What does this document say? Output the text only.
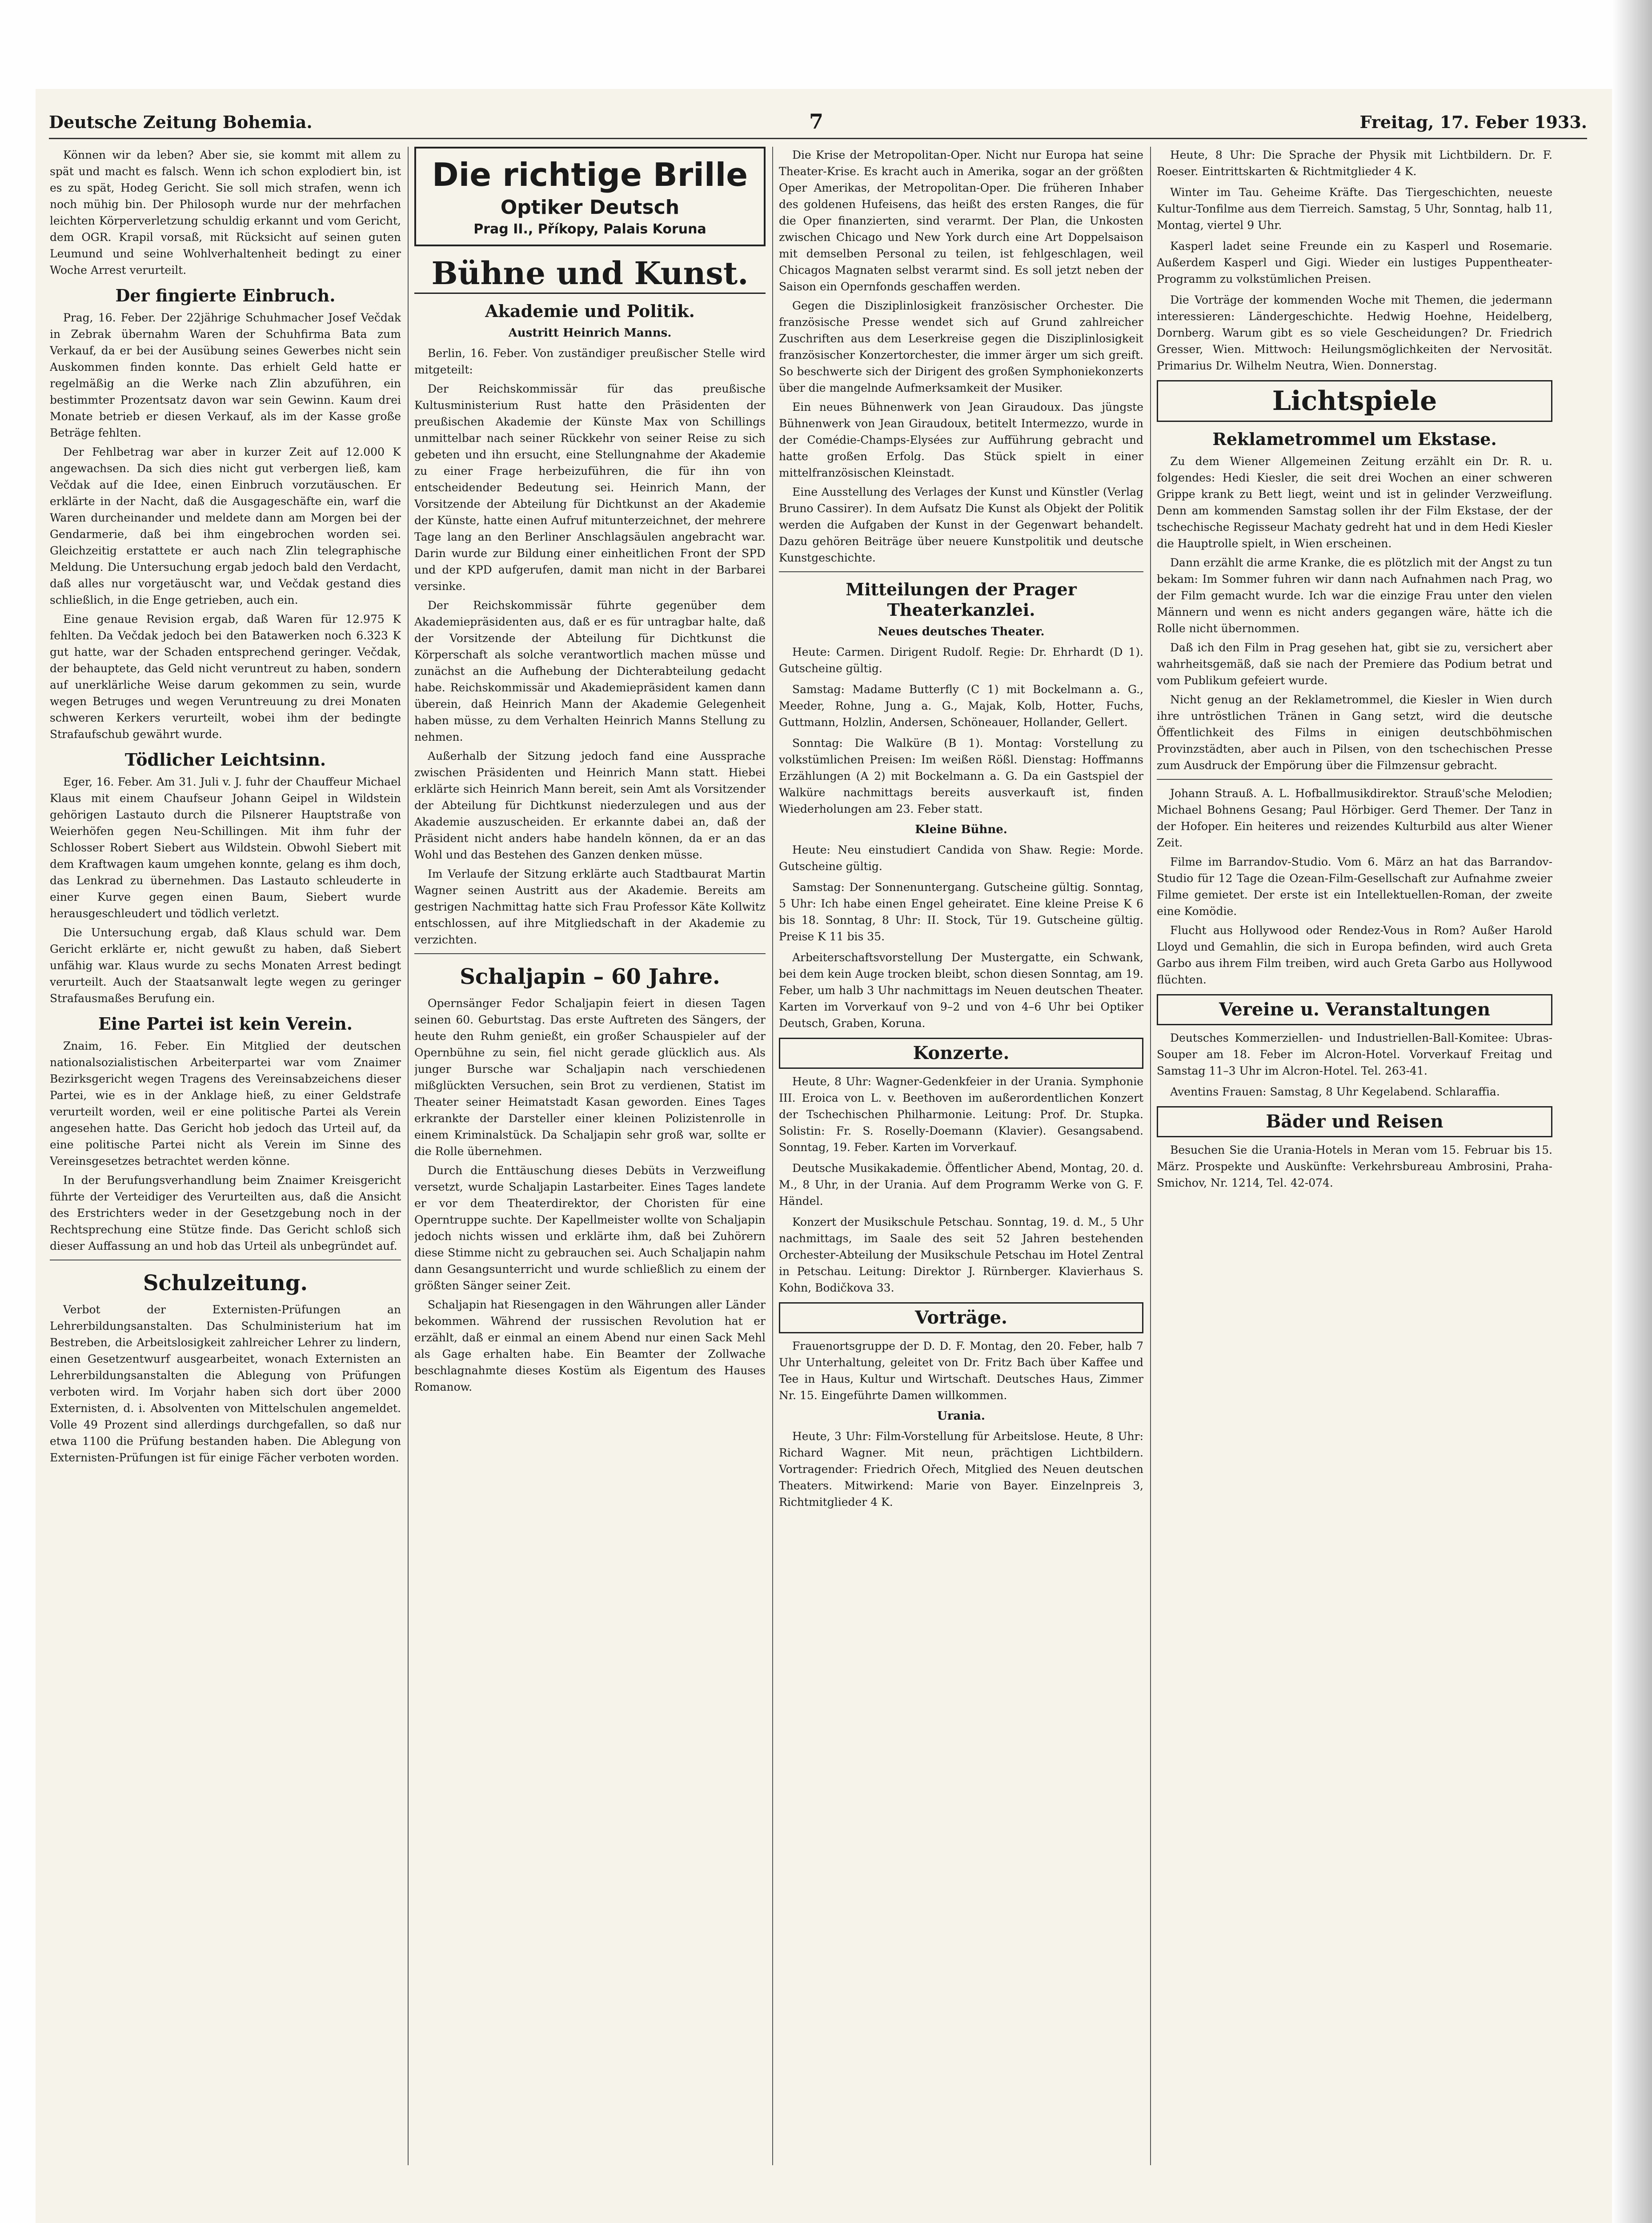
Deutsche Zeitung Bohemia.	7	Freitag, 17. Feber 1933.

Können wir da leben? Aber sie, sie kommt mit allem zu spät und macht es falsch. Wenn ich schon explodiert bin, ist es zu spät, Hodeg Gericht. Sie soll mich strafen, wenn ich noch mühig bin. Der Philosoph wurde nur der mehrfachen leichten Körperverletzung schuldig erkannt und vom Gericht, dem OGR. Krapil vorsaß, mit Rücksicht auf seinen guten Leumund und seine Wohlverhaltenheit bedingt zu einer Woche Arrest verurteilt.

Der fingierte Einbruch.

Prag, 16. Feber. Der 22jährige Schuhmacher Josef Večdak in Zebrak übernahm Waren der Schuhfirma Bata zum Verkauf, da er bei der Ausübung seines Gewerbes nicht sein Auskommen finden konnte. Das erhielt Geld hatte er regelmäßig an die Werke nach Zlin abzuführen, ein bestimmter Prozentsatz davon war sein Gewinn. Kaum drei Monate betrieb er diesen Verkauf, als im der Kasse große Beträge fehlten.

Der Fehlbetrag war aber in kurzer Zeit auf 12.000 K angewachsen. Da sich dies nicht gut verbergen ließ, kam Večdak auf die Idee, einen Einbruch vorzutäuschen. Er erklärte in der Nacht, daß die Ausgageschäfte ein, warf die Waren durcheinander und meldete dann am Morgen bei der Gendarmerie, daß bei ihm eingebrochen worden sei. Gleichzeitig erstattete er auch nach Zlin telegraphische Meldung. Die Untersuchung ergab jedoch bald den Verdacht, daß alles nur vorgetäuscht war, und Večdak gestand dies schließlich, in die Enge getrieben, auch ein.

Eine genaue Revision ergab, daß Waren für 12.975 K fehlten. Da Večdak jedoch bei den Batawerken noch 6.323 K gut hatte, war der Schaden entsprechend geringer. Večdak, der behauptete, das Geld nicht veruntreut zu haben, sondern auf unerklärliche Weise darum gekommen zu sein, wurde wegen Betruges und wegen Veruntreuung zu drei Monaten schweren Kerkers verurteilt, wobei ihm der bedingte Strafaufschub gewährt wurde.

Tödlicher Leichtsinn.

Eger, 16. Feber. Am 31. Juli v. J. fuhr der Chauffeur Michael Klaus mit einem Chaufseur Johann Geipel in Wildstein gehörigen Lastauto durch die Pilsnerer Hauptstraße von Weierhöfen gegen Neu-Schillingen. Mit ihm fuhr der Schlosser Robert Siebert aus Wildstein. Obwohl Siebert mit dem Kraftwagen kaum umgehen konnte, gelang es ihm doch, das Lenkrad zu übernehmen. Das Lastauto schleuderte in einer Kurve gegen einen Baum, Siebert wurde herausgeschleudert und tödlich verletzt.

Die Untersuchung ergab, daß Klaus schuld war. Dem Gericht erklärte er, nicht gewußt zu haben, daß Siebert unfähig war. Klaus wurde zu sechs Monaten Arrest bedingt verurteilt. Auch der Staatsanwalt legte wegen zu geringer Strafausmaßes Berufung ein.

Eine Partei ist kein Verein.

Znaim, 16. Feber. Ein Mitglied der deutschen nationalsozialistischen Arbeiterpartei war vom Znaimer Bezirksgericht wegen Tragens des Vereinsabzeichens dieser Partei, wie es in der Anklage hieß, zu einer Geldstrafe verurteilt worden, weil er eine politische Partei als Verein angesehen hatte. Das Gericht hob jedoch das Urteil auf, da eine politische Partei nicht als Verein im Sinne des Vereinsgesetzes betrachtet werden könne.

In der Berufungsverhandlung beim Znaimer Kreisgericht führte der Verteidiger des Verurteilten aus, daß die Ansicht des Erstrichters weder in der Gesetzgebung noch in der Rechtsprechung eine Stütze finde. Das Gericht schloß sich dieser Auffassung an und hob das Urteil als unbegründet auf.

Schulzeitung.

Verbot der Externisten-Prüfungen an Lehrerbildungsanstalten. Das Schulministerium hat im Bestreben, die Arbeitslosigkeit zahlreicher Lehrer zu lindern, einen Gesetzentwurf ausgearbeitet, wonach Externisten an Lehrerbildungsanstalten die Ablegung von Prüfungen verboten wird. Im Vorjahr haben sich dort über 2000 Externisten, d. i. Absolventen von Mittelschulen angemeldet. Volle 49 Prozent sind allerdings durchgefallen, so daß nur etwa 1100 die Prüfung bestanden haben. Die Ablegung von Externisten-Prüfungen ist für einige Fächer verboten worden.

Die richtige Brille
Optiker Deutsch
Prag II., Příkopy, Palais Koruna
Bühne und Kunst.
Akademie und Politik.
Austritt Heinrich Manns.

Berlin, 16. Feber. Von zuständiger preußischer Stelle wird mitgeteilt:

Der Reichskommissär für das preußische Kultusministerium Rust hatte den Präsidenten der preußischen Akademie der Künste Max von Schillings unmittelbar nach seiner Rückkehr von seiner Reise zu sich gebeten und ihn ersucht, eine Stellungnahme der Akademie zu einer Frage herbeizuführen, die für ihn von entscheidender Bedeutung sei. Heinrich Mann, der Vorsitzende der Abteilung für Dichtkunst an der Akademie der Künste, hatte einen Aufruf mitunterzeichnet, der mehrere Tage lang an den Berliner Anschlagsäulen angebracht war. Darin wurde zur Bildung einer einheitlichen Front der SPD und der KPD aufgerufen, damit man nicht in der Barbarei versinke.

Der Reichskommissär führte gegenüber dem Akademiepräsidenten aus, daß er es für untragbar halte, daß der Vorsitzende der Abteilung für Dichtkunst die Körperschaft als solche verantwortlich machen müsse und zunächst an die Aufhebung der Dichterabteilung gedacht habe. Reichskommissär und Akademiepräsident kamen dann überein, daß Heinrich Mann der Akademie Gelegenheit haben müsse, zu dem Verhalten Heinrich Manns Stellung zu nehmen.

Außerhalb der Sitzung jedoch fand eine Aussprache zwischen Präsidenten und Heinrich Mann statt. Hiebei erklärte sich Heinrich Mann bereit, sein Amt als Vorsitzender der Abteilung für Dichtkunst niederzulegen und aus der Akademie auszuscheiden. Er erkannte dabei an, daß der Präsident nicht anders habe handeln können, da er an das Wohl und das Bestehen des Ganzen denken müsse.

Im Verlaufe der Sitzung erklärte auch Stadtbaurat Martin Wagner seinen Austritt aus der Akademie. Bereits am gestrigen Nachmittag hatte sich Frau Professor Käte Kollwitz entschlossen, auf ihre Mitgliedschaft in der Akademie zu verzichten.

Schaljapin – 60 Jahre.

Opernsänger Fedor Schaljapin feiert in diesen Tagen seinen 60. Geburtstag. Das erste Auftreten des Sängers, der heute den Ruhm genießt, ein großer Schauspieler auf der Opernbühne zu sein, fiel nicht gerade glücklich aus. Als junger Bursche war Schaljapin nach verschiedenen mißglückten Versuchen, sein Brot zu verdienen, Statist im Theater seiner Heimatstadt Kasan geworden. Eines Tages erkrankte der Darsteller einer kleinen Polizistenrolle in einem Kriminalstück. Da Schaljapin sehr groß war, sollte er die Rolle übernehmen.

Durch die Enttäuschung dieses Debüts in Verzweiflung versetzt, wurde Schaljapin Lastarbeiter. Eines Tages landete er vor dem Theaterdirektor, der Choristen für eine Operntruppe suchte. Der Kapellmeister wollte von Schaljapin jedoch nichts wissen und erklärte ihm, daß bei Zuhörern diese Stimme nicht zu gebrauchen sei. Auch Schaljapin nahm dann Gesangsunterricht und wurde schließlich zu einem der größten Sänger seiner Zeit.

Schaljapin hat Riesengagen in den Währungen aller Länder bekommen. Während der russischen Revolution hat er erzählt, daß er einmal an einem Abend nur einen Sack Mehl als Gage erhalten habe. Ein Beamter der Zollwache beschlagnahmte dieses Kostüm als Eigentum des Hauses Romanow.

Die Krise der Metropolitan-Oper. Nicht nur Europa hat seine Theater-Krise. Es kracht auch in Amerika, sogar an der größten Oper Amerikas, der Metropolitan-Oper. Die früheren Inhaber des goldenen Hufeisens, das heißt des ersten Ranges, die für die Oper finanzierten, sind verarmt. Der Plan, die Unkosten zwischen Chicago und New York durch eine Art Doppelsaison mit demselben Personal zu teilen, ist fehlgeschlagen, weil Chicagos Magnaten selbst verarmt sind. Es soll jetzt neben der Saison ein Opernfonds geschaffen werden.

Gegen die Disziplinlosigkeit französischer Orchester. Die französische Presse wendet sich auf Grund zahlreicher Zuschriften aus dem Leserkreise gegen die Disziplinlosigkeit französischer Konzertorchester, die immer ärger um sich greift. So beschwerte sich der Dirigent des großen Symphoniekonzerts über die mangelnde Aufmerksamkeit der Musiker.

Ein neues Bühnenwerk von Jean Giraudoux. Das jüngste Bühnenwerk von Jean Giraudoux, betitelt Intermezzo, wurde in der Comédie-Champs-Elysées zur Aufführung gebracht und hatte großen Erfolg. Das Stück spielt in einer mittelfranzösischen Kleinstadt.

Eine Ausstellung des Verlages der Kunst und Künstler (Verlag Bruno Cassirer). In dem Aufsatz Die Kunst als Objekt der Politik werden die Aufgaben der Kunst in der Gegenwart behandelt. Dazu gehören Beiträge über neuere Kunstpolitik und deutsche Kunstgeschichte.

Mitteilungen der Prager Theaterkanzlei.
Neues deutsches Theater.

Heute: Carmen. Dirigent Rudolf. Regie: Dr. Ehrhardt (D 1). Gutscheine gültig.

Samstag: Madame Butterfly (C 1) mit Bockelmann a. G., Meeder, Rohne, Jung a. G., Majak, Kolb, Hotter, Fuchs, Guttmann, Holzlin, Andersen, Schöneauer, Hollander, Gellert.

Sonntag: Die Walküre (B 1). Montag: Vorstellung zu volkstümlichen Preisen: Im weißen Rößl. Dienstag: Hoffmanns Erzählungen (A 2) mit Bockelmann a. G. Da ein Gastspiel der Walküre nachmittags bereits ausverkauft ist, finden Wiederholungen am 23. Feber statt.

Kleine Bühne.

Heute: Neu einstudiert Candida von Shaw. Regie: Morde. Gutscheine gültig.

Samstag: Der Sonnenuntergang. Gutscheine gültig. Sonntag, 5 Uhr: Ich habe einen Engel geheiratet. Eine kleine Preise K 6 bis 18. Sonntag, 8 Uhr: II. Stock, Tür 19. Gutscheine gültig. Preise K 11 bis 35.

Arbeiterschaftsvorstellung Der Mustergatte, ein Schwank, bei dem kein Auge trocken bleibt, schon diesen Sonntag, am 19. Feber, um halb 3 Uhr nachmittags im Neuen deutschen Theater. Karten im Vorverkauf von 9–2 und von 4–6 Uhr bei Optiker Deutsch, Graben, Koruna.

Konzerte.

Heute, 8 Uhr: Wagner-Gedenkfeier in der Urania. Symphonie III. Eroica von L. v. Beethoven im außerordentlichen Konzert der Tschechischen Philharmonie. Leitung: Prof. Dr. Stupka. Solistin: Fr. S. Roselly-Doemann (Klavier). Gesangsabend. Sonntag, 19. Feber. Karten im Vorverkauf.

Deutsche Musikakademie. Öffentlicher Abend, Montag, 20. d. M., 8 Uhr, in der Urania. Auf dem Programm Werke von G. F. Händel.

Konzert der Musikschule Petschau. Sonntag, 19. d. M., 5 Uhr nachmittags, im Saale des seit 52 Jahren bestehenden Orchester-Abteilung der Musikschule Petschau im Hotel Zentral in Petschau. Leitung: Direktor J. Rürnberger. Klavierhaus S. Kohn, Bodičkova 33.

Vorträge.

Frauenortsgruppe der D. D. F. Montag, den 20. Feber, halb 7 Uhr Unterhaltung, geleitet von Dr. Fritz Bach über Kaffee und Tee in Haus, Kultur und Wirtschaft. Deutsches Haus, Zimmer Nr. 15. Eingeführte Damen willkommen.

Urania.

Heute, 3 Uhr: Film-Vorstellung für Arbeitslose. Heute, 8 Uhr: Richard Wagner. Mit neun, prächtigen Lichtbildern. Vortragender: Friedrich Ořech, Mitglied des Neuen deutschen Theaters. Mitwirkend: Marie von Bayer. Einzelnpreis 3, Richtmitglieder 4 K.

Heute, 8 Uhr: Die Sprache der Physik mit Lichtbildern. Dr. F. Roeser. Eintrittskarten & Richtmitglieder 4 K.

Winter im Tau. Geheime Kräfte. Das Tiergeschichten, neueste Kultur-Tonfilme aus dem Tierreich. Samstag, 5 Uhr, Sonntag, halb 11, Montag, viertel 9 Uhr.

Kasperl ladet seine Freunde ein zu Kasperl und Rosemarie. Außerdem Kasperl und Gigi. Wieder ein lustiges Puppentheater-Programm zu volkstümlichen Preisen.

Die Vorträge der kommenden Woche mit Themen, die jedermann interessieren: Ländergeschichte. Hedwig Hoehne, Heidelberg, Dornberg. Warum gibt es so viele Gescheidungen? Dr. Friedrich Gresser, Wien. Mittwoch: Heilungsmöglichkeiten der Nervosität. Primarius Dr. Wilhelm Neutra, Wien. Donnerstag.

Lichtspiele
Reklametrommel um Ekstase.

Zu dem Wiener Allgemeinen Zeitung erzählt ein Dr. R. u. folgendes: Hedi Kiesler, die seit drei Wochen an einer schweren Grippe krank zu Bett liegt, weint und ist in gelinder Verzweiflung. Denn am kommenden Samstag sollen ihr der Film Ekstase, der der tschechische Regisseur Machaty gedreht hat und in dem Hedi Kiesler die Hauptrolle spielt, in Wien erscheinen.

Dann erzählt die arme Kranke, die es plötzlich mit der Angst zu tun bekam: Im Sommer fuhren wir dann nach Aufnahmen nach Prag, wo der Film gemacht wurde. Ich war die einzige Frau unter den vielen Männern und wenn es nicht anders gegangen wäre, hätte ich die Rolle nicht übernommen.

Daß ich den Film in Prag gesehen hat, gibt sie zu, versichert aber wahrheitsgemäß, daß sie nach der Premiere das Podium betrat und vom Publikum gefeiert wurde.

Nicht genug an der Reklametrommel, die Kiesler in Wien durch ihre untröstlichen Tränen in Gang setzt, wird die deutsche Öffentlichkeit des Films in einigen deutschböhmischen Provinzstädten, aber auch in Pilsen, von den tschechischen Presse zum Ausdruck der Empörung über die Filmzensur gebracht.

Johann Strauß. A. L. Hofballmusikdirektor. Strauß'sche Melodien; Michael Bohnens Gesang; Paul Hörbiger. Gerd Themer. Der Tanz in der Hofoper. Ein heiteres und reizendes Kulturbild aus alter Wiener Zeit.

Filme im Barrandov-Studio. Vom 6. März an hat das Barrandov-Studio für 12 Tage die Ozean-Film-Gesellschaft zur Aufnahme zweier Filme gemietet. Der erste ist ein Intellektuellen-Roman, der zweite eine Komödie.

Flucht aus Hollywood oder Rendez-Vous in Rom? Außer Harold Lloyd und Gemahlin, die sich in Europa befinden, wird auch Greta Garbo aus ihrem Film treiben, wird auch Greta Garbo aus Hollywood flüchten.

Vereine u. Veranstaltungen

Deutsches Kommerziellen- und Industriellen-Ball-Komitee: Ubras-Souper am 18. Feber im Alcron-Hotel. Vorverkauf Freitag und Samstag 11–3 Uhr im Alcron-Hotel. Tel. 263-41.

Aventins Frauen: Samstag, 8 Uhr Kegelabend. Schlaraffia.

Bäder und Reisen

Besuchen Sie die Urania-Hotels in Meran vom 15. Februar bis 15. März. Prospekte und Auskünfte: Verkehrsbureau Ambrosini, Praha-Smichov, Nr. 1214, Tel. 42-074.
